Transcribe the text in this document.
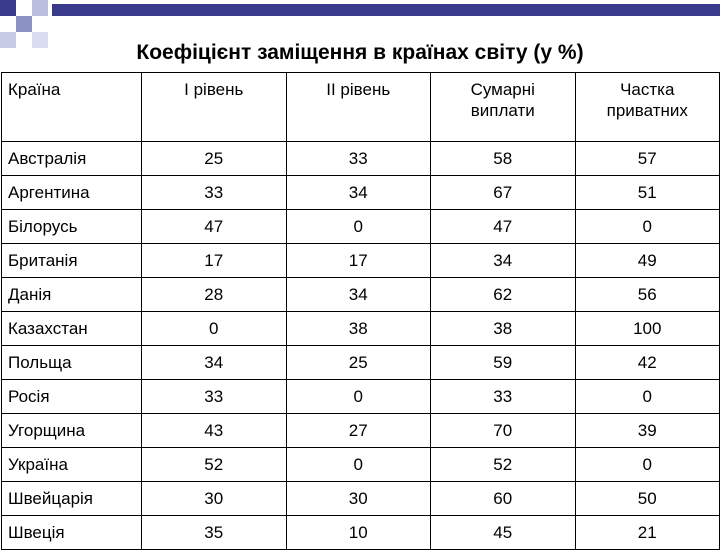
Коефіцієнт заміщення в країнах світу (у %)
Країна	І рівень	ІІ рівень	Сумарні виплати	Частка приватних
Австралія	25	33	58	57
Аргентина	33	34	67	51
Білорусь	47	0	47	0
Британія	17	17	34	49
Данія	28	34	62	56
Казахстан	0	38	38	100
Польща	34	25	59	42
Росія	33	0	33	0
Угорщина	43	27	70	39
Україна	52	0	52	0
Швейцарія	30	30	60	50
Швеція	35	10	45	21
